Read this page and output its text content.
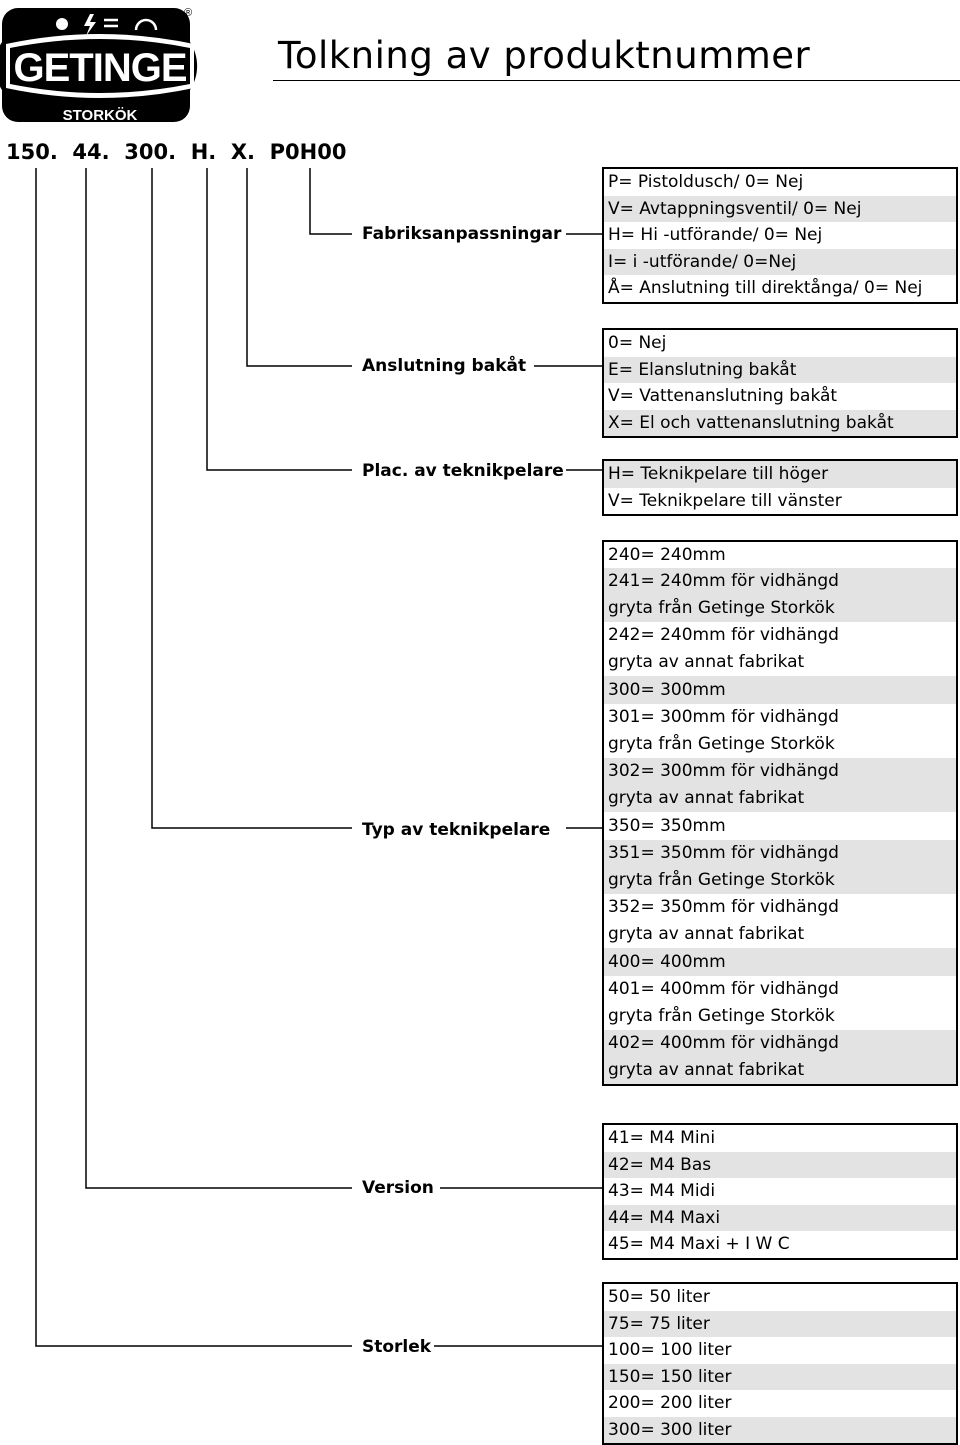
GETINGE
STORKÖK
®
Tolkning av produktnummer
150.  44.  300.  H.  X.  P0H00
Fabriksanpassningar
Anslutning bakåt
Plac. av teknikpelare
Typ av teknikpelare
Version
Storlek
P= Pistoldusch/ 0= Nej
V= Avtappningsventil/ 0= Nej
H= Hi -utförande/ 0= Nej
I= i -utförande/ 0=Nej
Å= Anslutning till direktånga/ 0= Nej
0= Nej
E= Elanslutning bakåt
V= Vattenanslutning bakåt
X= El och vattenanslutning bakåt
H= Teknikpelare till höger
V= Teknikpelare till vänster
240= 240mm
241= 240mm för vidhängd
gryta från Getinge Storkök
242= 240mm för vidhängd
gryta av annat fabrikat
300= 300mm
301= 300mm för vidhängd
gryta från Getinge Storkök
302= 300mm för vidhängd
gryta av annat fabrikat
350= 350mm
351= 350mm för vidhängd
gryta från Getinge Storkök
352= 350mm för vidhängd
gryta av annat fabrikat
400= 400mm
401= 400mm för vidhängd
gryta från Getinge Storkök
402= 400mm för vidhängd
gryta av annat fabrikat
41= M4 Mini
42= M4 Bas
43= M4 Midi
44= M4 Maxi
45= M4 Maxi + I W C
50= 50 liter
75= 75 liter
100= 100 liter
150= 150 liter
200= 200 liter
300= 300 liter
